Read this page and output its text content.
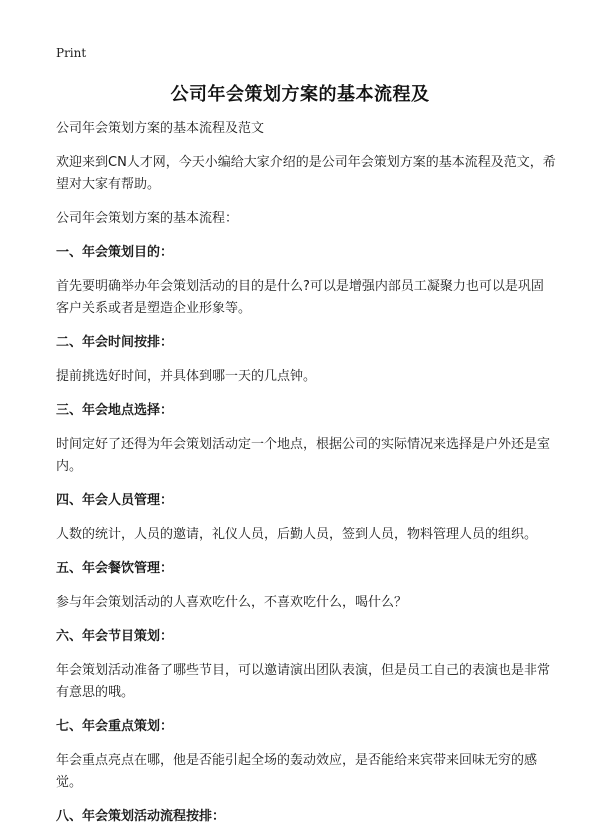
Print
公司年会策划方案的基本流程及
公司年会策划方案的基本流程及范文
欢迎来到CN人才网，今天小编给大家介绍的是公司年会策划方案的基本流程及范文，希望对大家有帮助。
公司年会策划方案的基本流程：
一、年会策划目的：
首先要明确举办年会策划活动的目的是什么?可以是增强内部员工凝聚力也可以是巩固客户关系或者是塑造企业形象等。
二、年会时间按排：
提前挑选好时间，并具体到哪一天的几点钟。
三、年会地点选择：
时间定好了还得为年会策划活动定一个地点，根据公司的实际情况来选择是户外还是室内。
四、年会人员管理：
人数的统计，人员的邀请，礼仪人员，后勤人员，签到人员，物料管理人员的组织。
五、年会餐饮管理：
参与年会策划活动的人喜欢吃什么，不喜欢吃什么，喝什么？
六、年会节目策划：
年会策划活动准备了哪些节目，可以邀请演出团队表演，但是员工自己的表演也是非常有意思的哦。
七、年会重点策划：
年会重点亮点在哪，他是否能引起全场的轰动效应，是否能给来宾带来回味无穷的感觉。
八、年会策划活动流程按排：
